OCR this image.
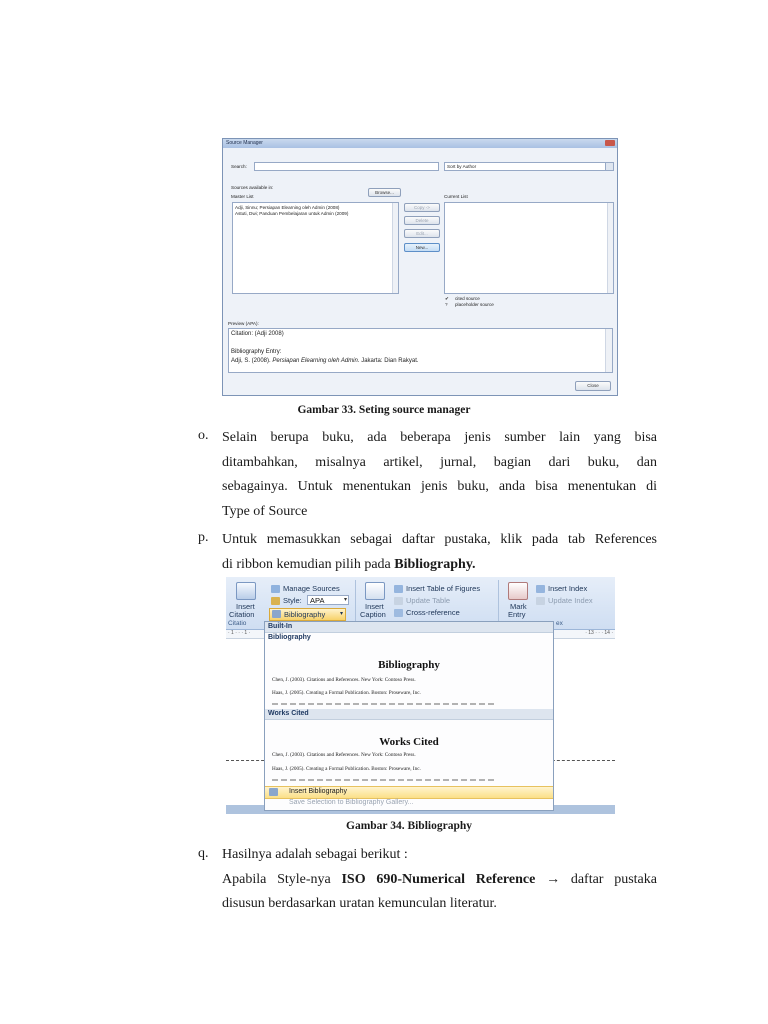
Source Manager
Search:	Sort by Author
Sources available in:
Master List
Browse...
Current List
Adji, Sinnu; Persiapan Elearning oleh Admin (2008)
Astuti, Dwi; Panduan Pembelajaran untuk Admin (2009)
Copy ->
Delete
Edit...
New...
✔ cited source
? placeholder source
Preview (APA):
Citation: (Adji 2008)
Bibliography Entry:
Adji, S. (2008). Persiapan Elearning oleh Admin. Jakarta: Dian Rakyat.
Close
Gambar 33. Seting source manager
o. Selain berupa buku, ada beberapa jenis sumber lain yang bisa
ditambahkan, misalnya artikel, jurnal, bagian dari buku, dan
sebagainya. Untuk menentukan jenis buku, anda bisa menentukan di
Type of Source
p. Untuk memasukkan sebagai daftar pustaka, klik pada tab References
di ribbon kemudian pilih pada Bibliography.
Insert
Citation
Citatio
Manage Sources
Style: APA	▾
Bibliography ▾
Insert
Caption
Insert Table of Figures
Update Table
Cross-reference
Mark
Entry
Insert Index
Update Index
ex
· 1 · · · 1 ·	· 13 · · · 14 ·
Built-In
Bibliography
Bibliography
Chen, J. (2003). Citations and References. New York: Contoso Press.
Haas, J. (2005). Creating a Formal Publication. Boston: Proseware, Inc.
Works Cited
Works Cited
Chen, J. (2003). Citations and References. New York: Contoso Press.
Haas, J. (2005). Creating a Formal Publication. Boston: Proseware, Inc.
Insert Bibliography
Save Selection to Bibliography Gallery...
Gambar 34. Bibliography
q. Hasilnya adalah sebagai berikut :
Apabila Style-nya ISO 690-Numerical Reference → daftar pustaka
disusun berdasarkan uratan kemunculan literatur.
